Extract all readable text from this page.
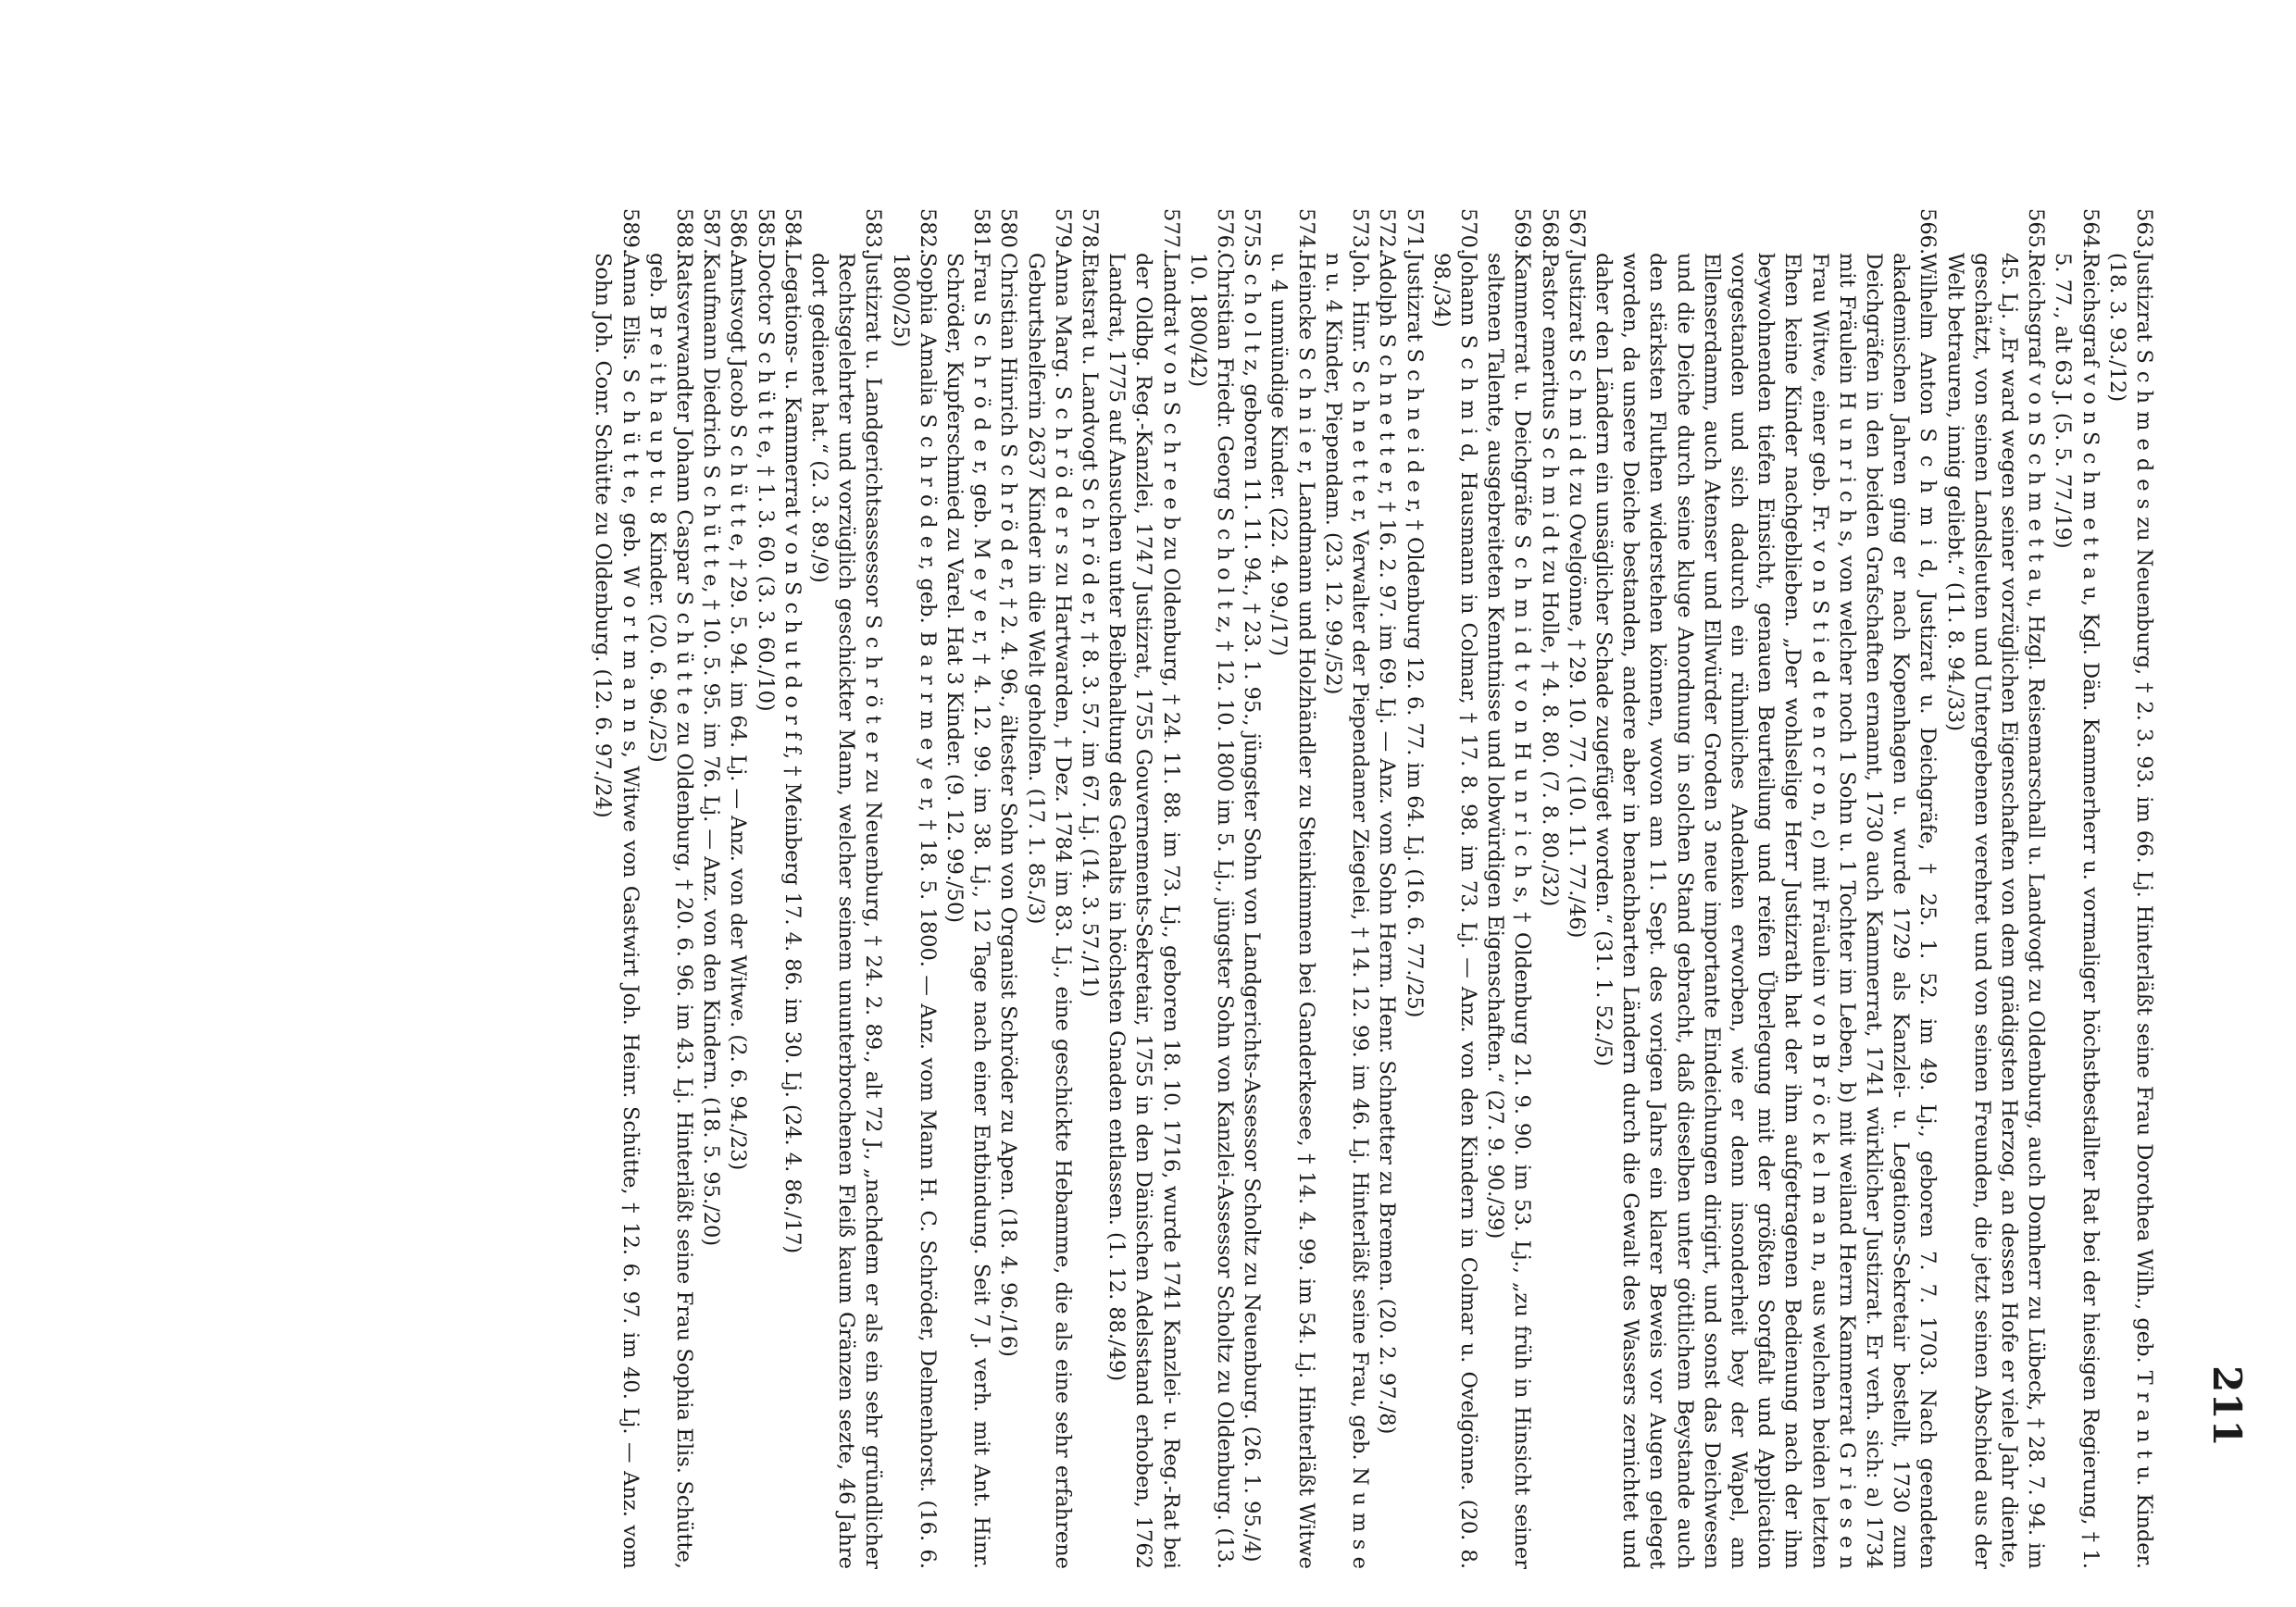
211

563.Justizrat S c h m e d e s zu Neuenburg, † 2. 3. 93. im 66. Lj. Hinterläßt seine Frau Dorothea Wilh., geb. T r a n t u. Kinder. (18. 3. 93./12)

564.Reichsgraf v o n S c h m e t t a u, Kgl. Dän. Kammerherr u. vormaliger höchstbestallter Rat bei der hiesigen Regierung, † 1. 5. 77., alt 63 J. (5. 5. 77./19)

565.Reichsgraf v o n S c h m e t t a u, Hzgl. Reisemarschall u. Landvogt zu Oldenburg, auch Domherr zu Lübeck, † 28. 7. 94. im 45. Lj. „Er ward wegen seiner vorzüglichen Eigenschaften von dem gnädigsten Herzog, an dessen Hofe er viele Jahr diente, geschätzt, von seinen Landsleuten und Untergebenen verehret und von seinen Freunden, die jetzt seinen Abschied aus der Welt betrauren, innig geliebt.“ (11. 8. 94./33)

566.Wilhelm Anton S c h m i d, Justizrat u. Deichgräfe, † 25. 1. 52. im 49. Lj., geboren 7. 7. 1703. Nach geendeten akademischen Jahren ging er nach Kopenhagen u. wurde 1729 als Kanzlei- u. Legations-Sekretair bestellt, 1730 zum Deichgräfen in den beiden Grafschaften ernannt, 1730 auch Kammerrat, 1741 würklicher Justizrat. Er verh. sich: a) 1734 mit Fräulein H u n r i c h s, von welcher noch 1 Sohn u. 1 Tochter im Leben, b) mit weiland Herrn Kammerrat G r i e s e n Frau Witwe, einer geb. Fr. v o n S t i e d t e n c r o n, c) mit Fräulein v o n B r ö c k e l m a n n, aus welchen beiden letzten Ehen keine Kinder nachgeblieben. „Der wohlselige Herr Justizrath hat der ihm aufgetragenen Bedienung nach der ihm beywohnenden tiefen Einsicht, genauen Beurteilung und reifen Überlegung mit der größten Sorgfalt und Application vorgestanden und sich dadurch ein rühmliches Andenken erworben, wie er denn insonderheit bey der Wapel, am Ellenserdamm, auch Atenser und Ellwürder Groden 3 neue importante Eindeichungen dirigirt, und sonst das Deichwesen und die Deiche durch seine kluge Anordnung in solchen Stand gebracht, daß dieselben unter göttlichem Beystande auch den stärksten Fluthen widerstehen können, wovon am 11. Sept. des vorigen Jahrs ein klarer Beweis vor Augen geleget worden, da unsere Deiche bestanden, andere aber in benachbarten Ländern durch die Gewalt des Wassers zernichtet und daher den Ländern ein unsäglicher Schade zugefüget worden.“ (31. 1. 52./5)

567.Justizrat S c h m i d t zu Ovelgönne, † 29. 10. 77. (10. 11. 77./46)

568.Pastor emeritus S c h m i d t zu Holle, † 4. 8. 80. (7. 8. 80./32)

569.Kammerrat u. Deichgräfe S c h m i d t v o n H u n r i c h s, † Oldenburg 21. 9. 90. im 53. Lj., „zu früh in Hinsicht seiner seltenen Talente, ausgebreiteten Kenntnisse und lobwürdigen Eigenschaften.“ (27. 9. 90./39)

570.Johann S c h m i d, Hausmann in Colmar, † 17. 8. 98. im 73. Lj. — Anz. von den Kindern in Colmar u. Ovelgönne. (20. 8. 98./34)

571.Justizrat S c h n e i d e r, † Oldenburg 12. 6. 77. im 64. Lj. (16. 6. 77./25)

572.Adolph S c h n e t t e r, † 16. 2. 97. im 69. Lj. — Anz. vom Sohn Herm. Henr. Schnetter zu Bremen. (20. 2. 97./8)

573.Joh. Hinr. S c h n e t t e r, Verwalter der Piependamer Ziegelei, † 14. 12. 99. im 46. Lj. Hinterläßt seine Frau, geb. N u m s e n u. 4 Kinder, Piependam. (23. 12. 99./52)

574.Heincke S c h n i e r, Landmann und Holzhändler zu Steinkimmen bei Ganderkesee, † 14. 4. 99. im 54. Lj. Hinterläßt Witwe u. 4 unmündige Kinder. (22. 4. 99./17)

575.S c h o l t z, geboren 11. 11. 94., † 23. 1. 95., jüngster Sohn von Landgerichts-Assessor Scholtz zu Neuenburg. (26. 1. 95./4)

576.Christian Friedr. Georg S c h o l t z, † 12. 10. 1800 im 5. Lj., jüngster Sohn von Kanzlei-Assessor Scholtz zu Oldenburg. (13. 10. 1800/42)

577.Landrat v o n S c h r e e b zu Oldenburg, † 24. 11. 88. im 73. Lj., geboren 18. 10. 1716, wurde 1741 Kanzlei- u. Reg.-Rat bei der Oldbg. Reg.-Kanzlei, 1747 Justizrat, 1755 Gouvernements-Sekretair, 1755 in den Dänischen Adelsstand erhoben, 1762 Landrat, 1775 auf Ansuchen unter Beibehaltung des Gehalts in höchsten Gnaden entlassen. (1. 12. 88./49)

578.Etatsrat u. Landvogt S c h r ö d e r, † 8. 3. 57. im 67. Lj. (14. 3. 57./11)

579.Anna Marg. S c h r ö d e r s zu Hartwarden, † Dez. 1784 im 83. Lj., eine geschickte Hebamme, die als eine sehr erfahrene Geburtshelferin 2637 Kinder in die Welt geholfen. (17. 1. 85./3)

580Christian Hinrich S c h r ö d e r, † 2. 4. 96., ältester Sohn von Organist Schröder zu Apen. (18. 4. 96./16)

581.Frau S c h r ö d e r, geb. M e y e r, † 4. 12. 99. im 38. Lj., 12 Tage nach einer Entbindung. Seit 7 J. verh. mit Ant. Hinr. Schröder, Kupferschmied zu Varel. Hat 3 Kinder. (9. 12. 99./50)

582.Sophia Amalia S c h r ö d e r, geb. B a r r m e y e r, † 18. 5. 1800. — Anz. vom Mann H. C. Schröder, Delmenhorst. (16. 6. 1800/25)

583.Justizrat u. Landgerichtsassessor S c h r ö t e r zu Neuenburg, † 24. 2. 89., alt 72 J., „nachdem er als ein sehr gründlicher Rechtsgelehrter und vorzüglich geschickter Mann, welcher seinem ununterbrochenen Fleiß kaum Gränzen sezte, 46 Jahre dort gedienet hat.“ (2. 3. 89./9)

584.Legations- u. Kammerrat v o n S c h u t d o r f f, † Meinberg 17. 4. 86. im 30. Lj. (24. 4. 86./17)

585.Doctor S c h ü t t e, † 1. 3. 60. (3. 3. 60./10)

586.Amtsvogt Jacob S c h ü t t e, † 29. 5. 94. im 64. Lj. — Anz. von der Witwe. (2. 6. 94./23)

587.Kaufmann Diedrich S c h ü t t e, † 10. 5. 95. im 76. Lj. — Anz. von den Kindern. (18. 5. 95./20)

588.Ratsverwandter Johann Caspar S c h ü t t e zu Oldenburg, † 20. 6. 96. im 43. Lj. Hinterläßt seine Frau Sophia Elis. Schütte, geb. B r e i t h a u p t u. 8 Kinder. (20. 6. 96./25)

589.Anna Elis. S c h ü t t e, geb. W o r t m a n n s, Witwe von Gastwirt Joh. Heinr. Schütte, † 12. 6. 97. im 40. Lj. — Anz. vom Sohn Joh. Conr. Schütte zu Oldenburg. (12. 6. 97./24)
